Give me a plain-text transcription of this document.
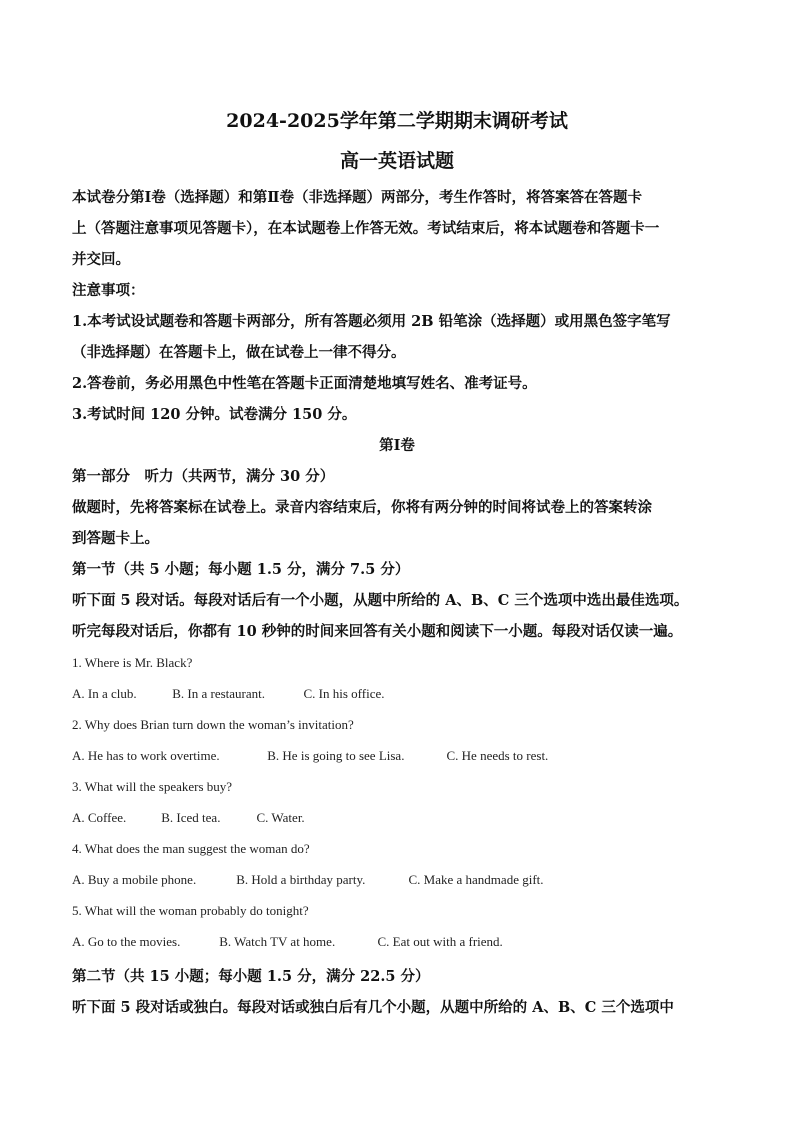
2024-2025学年第二学期期末调研考试
高一英语试题
本试卷分第Ⅰ卷（选择题）和第Ⅱ卷（非选择题）两部分，考生作答时，将答案答在答题卡
上（答题注意事项见答题卡），在本试题卷上作答无效。考试结束后，将本试题卷和答题卡一
并交回。
注意事项：
1.本考试设试题卷和答题卡两部分，所有答题必须用 2B 铅笔涂（选择题）或用黑色签字笔写
（非选择题）在答题卡上，做在试卷上一律不得分。
2.答卷前，务必用黑色中性笔在答题卡正面清楚地填写姓名、准考证号。
3.考试时间 120 分钟。试卷满分 150 分。
第Ⅰ卷
第一部分　听力（共两节，满分 30 分）
做题时，先将答案标在试卷上。录音内容结束后，你将有两分钟的时间将试卷上的答案转涂
到答题卡上。
第一节（共 5 小题；每小题 1.5 分，满分 7.5 分）
听下面 5 段对话。每段对话后有一个小题，从题中所给的 A、B、C 三个选项中选出最佳选项。
听完每段对话后，你都有 10 秒钟的时间来回答有关小题和阅读下一小题。每段对话仅读一遍。
1. Where is Mr. Black?
A. In a club.	B. In a restaurant.	C. In his office.
2. Why does Brian turn down the woman’s invitation?
A. He has to work overtime.	B. He is going to see Lisa.	C. He needs to rest.
3. What will the speakers buy?
A. Coffee.	B. Iced tea.	C. Water.
4. What does the man suggest the woman do?
A. Buy a mobile phone.	B. Hold a birthday party.	C. Make a handmade gift.
5. What will the woman probably do tonight?
A. Go to the movies.	B. Watch TV at home.	C. Eat out with a friend.
第二节（共 15 小题；每小题 1.5 分，满分 22.5 分）
听下面 5 段对话或独白。每段对话或独白后有几个小题，从题中所给的 A、B、C 三个选项中
